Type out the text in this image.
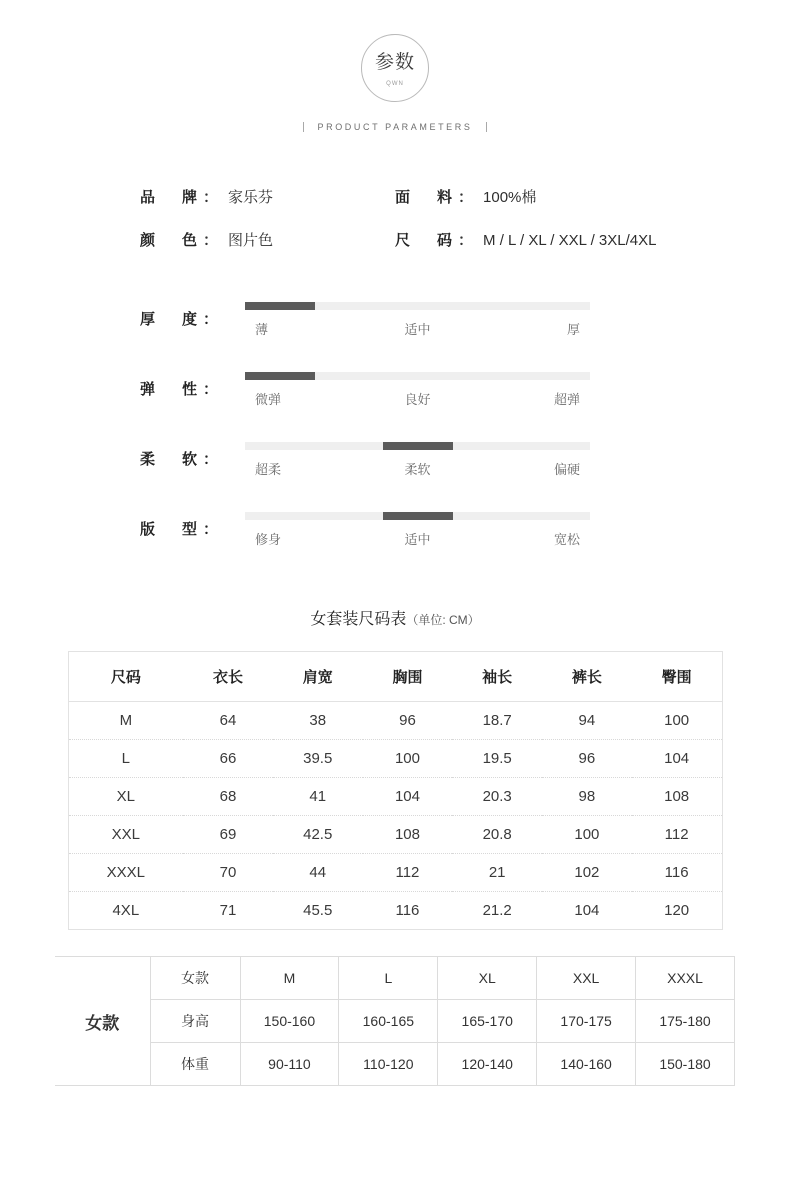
参数
QWN
PRODUCT PARAMETERS
品　牌 ： 家乐芬	面　料 ： 100%棉
颜　色 ： 图片色	尺　码 ： M / L / XL / XXL / 3XL/4XL
厚　度：
薄	适中	厚
弹　性：
微弹	良好	超弹
柔　软：
超柔	柔软	偏硬
版　型：
修身	适中	宽松
女套装尺码表（单位: CM）
尺码	衣长	肩宽	胸围	袖长	裤长	臀围
M	64	38	96	18.7	94	100
L	66	39.5	100	19.5	96	104
XL	68	41	104	20.3	98	108
XXL	69	42.5	108	20.8	100	112
XXXL	70	44	112	21	102	116
4XL	71	45.5	116	21.2	104	120
女款	女款	M	L	XL	XXL	XXXL
	身高	150-160	160-165	165-170	170-175	175-180
	体重	90-110	110-120	120-140	140-160	150-180
